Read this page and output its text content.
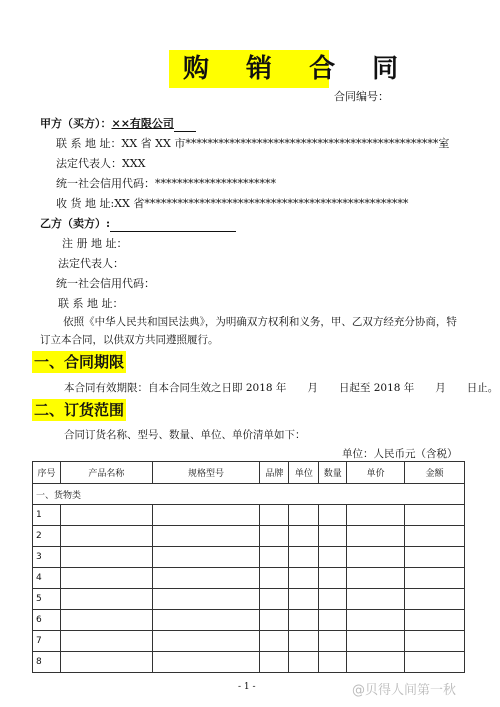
购 销 合 同
合同编号：
甲方（买方）：××有限公司
联 系 地 址：XX 省 XX 市**********************************************室
法定代表人：XXX
统一社会信用代码：**********************
收 货 地 址:XX 省************************************************
乙方（卖方）:
注 册 地 址：
法定代表人：
统一社会信用代码：
联 系 地 址：
依照《中华人民共和国民法典》，为明确双方权利和义务，甲、乙双方经充分协商，特订立本合同，以供双方共同遵照履行。
一、合同期限
本合同有效期限：自本合同生效之日即 2018 年　　月　　日起至 2018 年　　月　　日止。
二、订货范围
合同订货名称、型号、数量、单位、单价清单如下：
单位：人民币元（含税）
序号	产品名称	规格型号	品牌	单位	数量	单价	金额
一、货物类							
1							
2							
3							
4							
5							
6							
7							
8							
- 1 -	@贝得人间第一秋
